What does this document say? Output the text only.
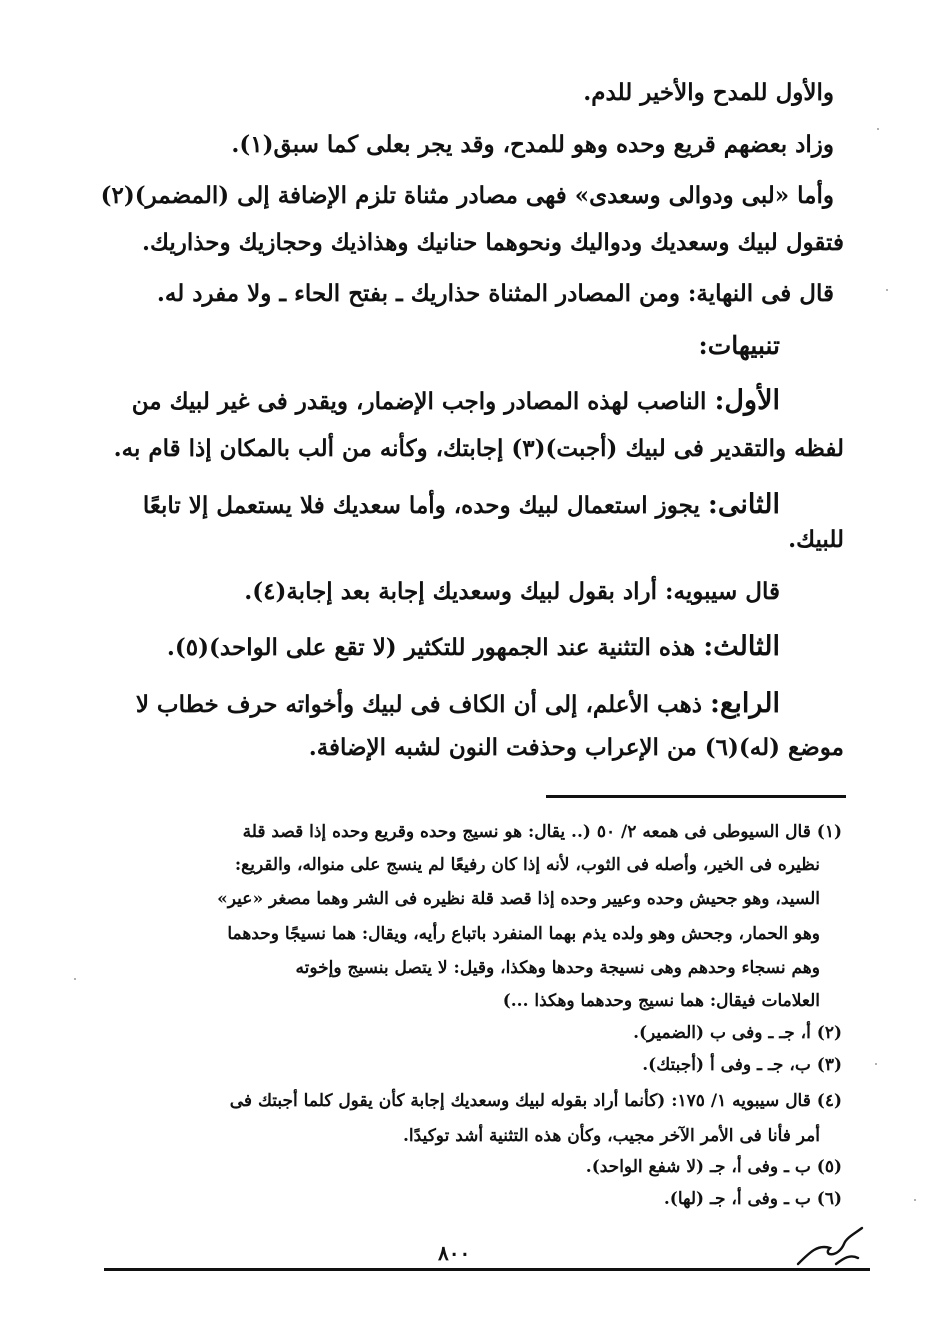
والأول للمدح والأخير للدم.
وزاد بعضهم قريع وحده وهو للمدح، وقد يجر بعلى كما سبق(١).
وأما «لبى ودوالى وسعدى» فهى مصادر مثناة تلزم الإضافة إلى (المضمر)(٢)
فتقول لبيك وسعديك ودواليك ونحوهما حنانيك وهذاذيك وحجازيك وحذاريك.
قال فى النهاية: ومن المصادر المثناة حذاريك ـ بفتح الحاء ـ ولا مفرد له.
تنبيهات:
الأول: الناصب لهذه المصادر واجب الإضمار، ويقدر فى غير لبيك من
لفظه والتقدير فى لبيك (أجبت)(٣) إجابتك، وكأنه من ألب بالمكان إذا قام به.
الثانى: يجوز استعمال لبيك وحده، وأما سعديك فلا يستعمل إلا تابعًا
للبيك.
قال سيبويه: أراد بقول لبيك وسعديك إجابة بعد إجابة(٤).
الثالث: هذه التثنية عند الجمهور للتكثير (لا تقع على الواحد)(٥).
الرابع: ذهب الأعلم، إلى أن الكاف فى لبيك وأخواته حرف خطاب لا
موضع (له)(٦) من الإعراب وحذفت النون لشبه الإضافة.
(١) قال السيوطى فى همعه ٢/ ٥٠ (.. يقال: هو نسيج وحده وقريع وحده إذا قصد قلة
نظيره فى الخير، وأصله فى الثوب، لأنه إذا كان رفيعًا لم ينسج على منواله، والقريع:
السيد، وهو جحيش وحده وعيير وحده إذا قصد قلة نظيره فى الشر وهما مصغر «عير»
وهو الحمار، وجحش وهو ولده يذم بهما المنفرد باتباع رأيه، ويقال: هما نسيجًا وحدهما
وهم نسجاء وحدهم وهى نسيجة وحدها وهكذا، وقيل: لا يتصل بنسيج وإخوته
العلامات فيقال: هما نسيج وحدهما وهكذا ...)
(٢) أ، جـ ـ وفى ب (الضمير).
(٣) ب، جـ ـ وفى أ (أجبتك).
(٤) قال سيبويه ١/ ١٧٥: (كأنما أراد بقوله لبيك وسعديك إجابة كأن يقول كلما أجبتك فى
أمر فأنا فى الأمر الآخر مجيب، وكأن هذه التثنية أشد توكيدًا.
(٥) ب ـ وفى أ، جـ (لا شفع الواحد).
(٦) ب ـ وفى أ، جـ (لها).
٨٠٠
